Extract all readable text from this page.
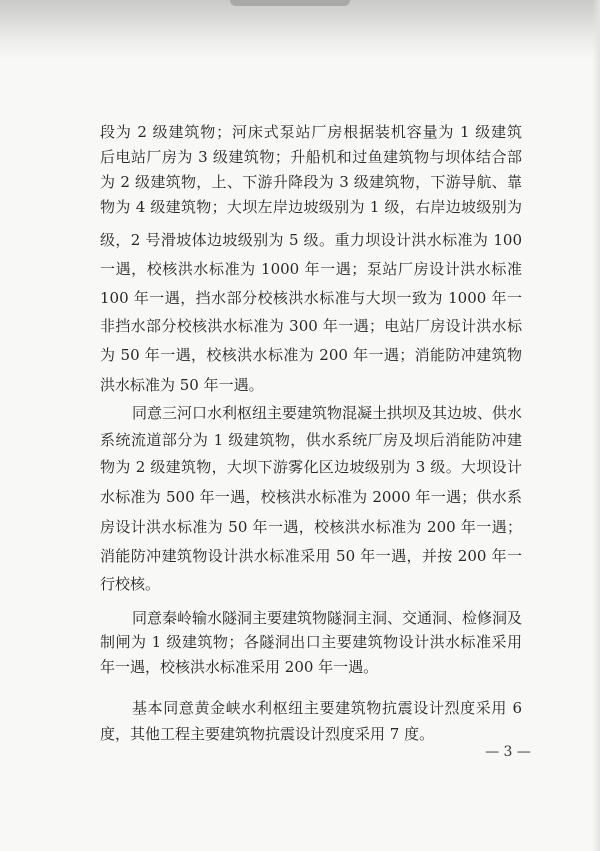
段为 2 级建筑物；河床式泵站厂房根据装机容量为 1 级建筑
后电站厂房为 3 级建筑物；升船机和过鱼建筑物与坝体结合部
为 2 级建筑物，上、下游升降段为 3 级建筑物，下游导航、靠
物为 4 级建筑物；大坝左岸边坡级别为 1 级，右岸边坡级别为
级，2 号滑坡体边坡级别为 5 级。重力坝设计洪水标准为 100
一遇，校核洪水标准为 1000 年一遇；泵站厂房设计洪水标准
100 年一遇，挡水部分校核洪水标准与大坝一致为 1000 年一
非挡水部分校核洪水标准为 300 年一遇；电站厂房设计洪水标
为 50 年一遇，校核洪水标准为 200 年一遇；消能防冲建筑物
洪水标准为 50 年一遇。
同意三河口水利枢纽主要建筑物混凝土拱坝及其边坡、供水
系统流道部分为 1 级建筑物，供水系统厂房及坝后消能防冲建
物为 2 级建筑物，大坝下游雾化区边坡级别为 3 级。大坝设计
水标准为 500 年一遇，校核洪水标准为 2000 年一遇；供水系
房设计洪水标准为 50 年一遇，校核洪水标准为 200 年一遇；
消能防冲建筑物设计洪水标准采用 50 年一遇，并按 200 年一
行校核。
同意秦岭输水隧洞主要建筑物隧洞主洞、交通洞、检修洞及
制闸为 1 级建筑物；各隧洞出口主要建筑物设计洪水标准采用
年一遇，校核洪水标准采用 200 年一遇。
基本同意黄金峡水利枢纽主要建筑物抗震设计烈度采用 6
度，其他工程主要建筑物抗震设计烈度采用 7 度。
— 3 —
